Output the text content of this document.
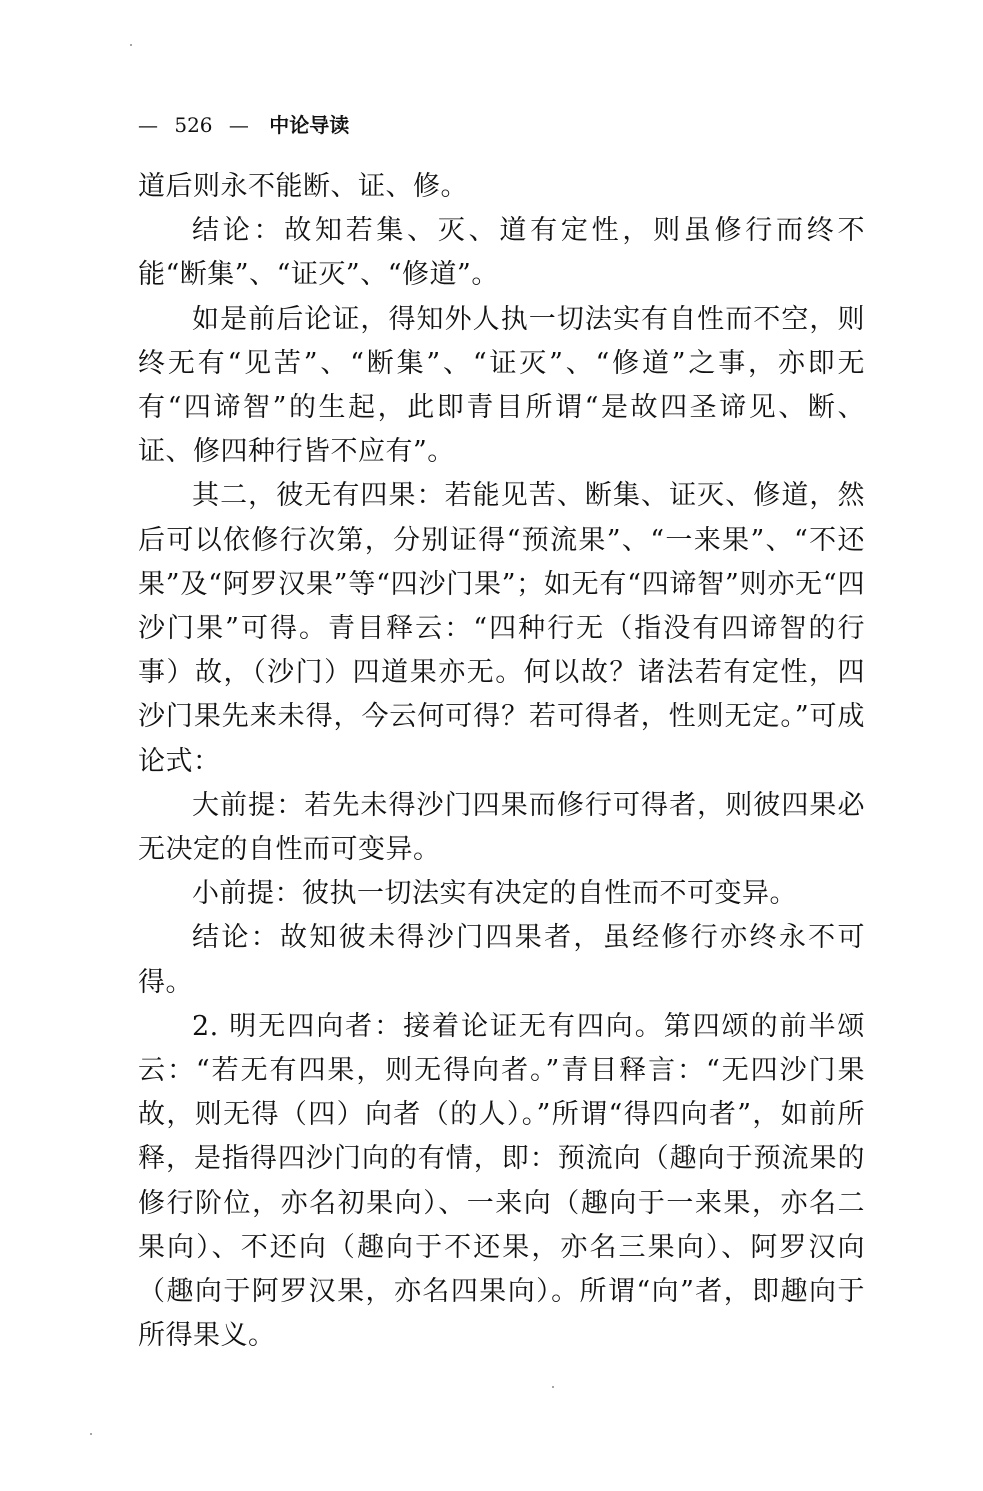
— 526 — 中论导读

道后则永不能断、证、修。

结论：故知若集、灭、道有定性，则虽修行而终不能“断集”、“证灭”、“修道”。

如是前后论证，得知外人执一切法实有自性而不空，则终无有“见苦”、“断集”、“证灭”、“修道”之事，亦即无有“四谛智”的生起，此即青目所谓“是故四圣谛见、断、证、修四种行皆不应有”。

其二，彼无有四果：若能见苦、断集、证灭、修道，然后可以依修行次第，分别证得“预流果”、“一来果”、“不还果”及“阿罗汉果”等“四沙门果”；如无有“四谛智”则亦无“四沙门果”可得。青目释云：“四种行无（指没有四谛智的行事）故，（沙门）四道果亦无。何以故？诸法若有定性，四沙门果先来未得，今云何可得？若可得者，性则无定。”可成论式：

大前提：若先未得沙门四果而修行可得者，则彼四果必无决定的自性而可变异。

小前提：彼执一切法实有决定的自性而不可变异。

结论：故知彼未得沙门四果者，虽经修行亦终永不可得。

2. 明无四向者：接着论证无有四向。第四颂的前半颂云：“若无有四果，则无得向者。”青目释言：“无四沙门果故，则无得（四）向者（的人）。”所谓“得四向者”，如前所释，是指得四沙门向的有情，即：预流向（趣向于预流果的修行阶位，亦名初果向）、一来向（趣向于一来果，亦名二果向）、不还向（趣向于不还果，亦名三果向）、阿罗汉向（趣向于阿罗汉果，亦名四果向）。所谓“向”者，即趣向于所得果义。
